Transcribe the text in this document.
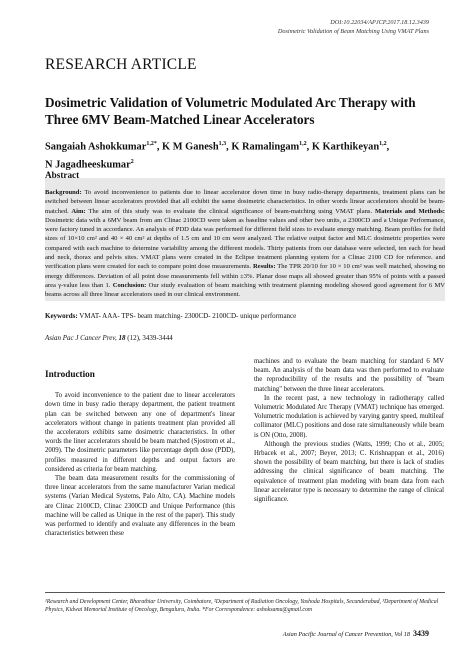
DOI:10.22034/APJCP.2017.18.12.3439
Dosimetric Validation of Beam Matching Using VMAT Plans
RESEARCH ARTICLE
Dosimetric Validation of Volumetric Modulated Arc Therapy with Three 6MV Beam-Matched Linear Accelerators
Sangaiah Ashokkumar$^{1,2*}$, K M Ganesh$^{1,3}$, K Ramalingam$^{1,2}$, K Karthikeyan$^{1,2}$,
N Jagadheeskumar$^2$
Abstract
Background: To avoid inconvenience to patients due to linear accelerator down time in busy radio-therapy departments, treatment plans can be switched between linear accelerators provided that all exhibit the same dosimetric characteristics. In other words linear accelerators should be beam-matched. Aim: The aim of this study was to evaluate the clinical significance of beam-matching using VMAT plans. Materials and Methods: Dosimetric data with a 6MV beam from am Clinac 2100CD were taken as baseline values and other two units, a 2300CD and a Unique Performance, were factory tuned in accordance. An analysis of PDD data was performed for different field sizes to evaluate energy matching. Beam profiles for field sizes of 10×10 cm² and 40 × 40 cm² at depths of 1.5 cm and 10 cm were analyzed. The relative output factor and MLC dosimetric properties were compared with each machine to determine variability among the different models. Thirty patients from our database were selected, ten each for head and neck, thorax and pelvis sites. VMAT plans were created in the Eclipse treatment planning system for a Clinac 2100 CD for reference. and verification plans were created for each to compare point dose measurements. Results: The TPR 20/10 for 10 × 10 cm² was well matched, showing no energy differences. Deviation of all point dose measurements fell within ±3%. Planar dose maps all showed greater than 95% of points with a passed area γ-value less than 1. Conclusion: Our study evaluation of beam matching with treatment planning modeling showed good agreement for 6 MV beams across all three linear accelerators used in our clinical environment.
Keywords: VMAT- AAA- TPS- beam matching- 2300CD- 2100CD- unique performance
Asian Pac J Cancer Prev, 18 (12), 3439-3444
Introduction

To avoid inconvenience to the patient due to linear accelerators down time in busy radio therapy department, the patient treatment plan can be switched between any one of department's linear accelerators without change in patients treatment plan provided all the accelerators exhibits same dosimetric characteristics. In other words the liner accelerators should be beam matched (Sjostrom et al., 2009). The dosimetric parameters like percentage depth dose (PDD), profiles measured in different depths and output factors are considered as criteria for beam matching.

The beam data measurement results for the commissioning of three linear accelerators from the same manufacturer Varian medical systems (Varian Medical Systems, Palo Alto, CA). Machine models are Clinac 2100CD, Clinac 2300CD and Unique Performance (this machine will be called as Unique in the rest of the paper). This study was performed to identify and evaluate any differences in the beam characteristics between these

machines and to evaluate the beam matching for standard 6 MV beam. An analysis of the beam data was then performed to evaluate the reproducibility of the results and the possibility of "beam matching" between the three linear accelerators.

In the recent past, a new technology in radiotherapy called Volumetric Modulated Arc Therapy (VMAT) technique has emerged. Volumetric modulation is achieved by varying gantry speed, multileaf collimator (MLC) positions and dose rate simultaneously while beam is ON (Otto, 2008).

Although the previous studies (Watts, 1999; Cho et al., 2005; Hrbacek et al., 2007; Beyer, 2013; C. Krishnappan et al., 2016) shown the possibility of beam matching, but there is lack of studies addressing the clinical significance of beam matching. The equivalence of treatment plan modeling with beam data from each linear accelerator type is necessary to determine the range of clinical significance.

¹Research and Development Center, Bharathiar University, Coimbatore, ²Department of Radiation Oncology, Yashoda Hospitals, Secunderabad, ³Department of Medical Physics, Kidwai Memorial Institute of Oncology, Bengaluru, India. *For Correspondence: ashoksamu@gmail.com
Asian Pacific Journal of Cancer Prevention, Vol 18 3439
